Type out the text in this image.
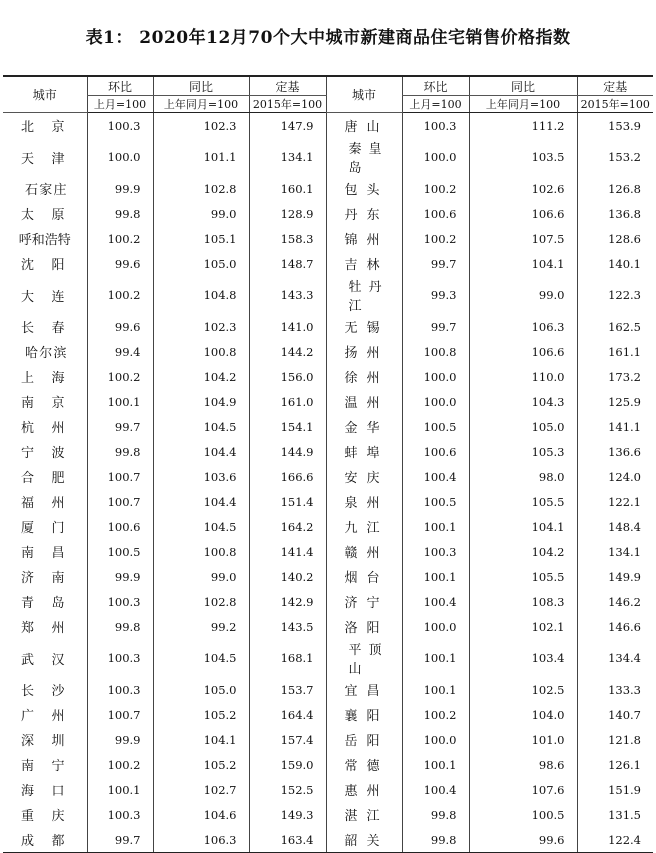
表1： 2020年12月70个大中城市新建商品住宅销售价格指数
城市	环比	同比	定基	城市	环比	同比	定基
	上月=100	上年同月=100	2015年=100		上月=100	上年同月=100	2015年=100
北京	100.3	102.3	147.9	唐山	100.3	111.2	153.9
天津	100.0	101.1	134.1	秦皇岛	100.0	103.5	153.2
石家庄	99.9	102.8	160.1	包头	100.2	102.6	126.8
太原	99.8	99.0	128.9	丹东	100.6	106.6	136.8
呼和浩特	100.2	105.1	158.3	锦州	100.2	107.5	128.6
沈阳	99.6	105.0	148.7	吉林	99.7	104.1	140.1
大连	100.2	104.8	143.3	牡丹江	99.3	99.0	122.3
长春	99.6	102.3	141.0	无锡	99.7	106.3	162.5
哈尔滨	99.4	100.8	144.2	扬州	100.8	106.6	161.1
上海	100.2	104.2	156.0	徐州	100.0	110.0	173.2
南京	100.1	104.9	161.0	温州	100.0	104.3	125.9
杭州	99.7	104.5	154.1	金华	100.5	105.0	141.1
宁波	99.8	104.4	144.9	蚌埠	100.6	105.3	136.6
合肥	100.7	103.6	166.6	安庆	100.4	98.0	124.0
福州	100.7	104.4	151.4	泉州	100.5	105.5	122.1
厦门	100.6	104.5	164.2	九江	100.1	104.1	148.4
南昌	100.5	100.8	141.4	赣州	100.3	104.2	134.1
济南	99.9	99.0	140.2	烟台	100.1	105.5	149.9
青岛	100.3	102.8	142.9	济宁	100.4	108.3	146.2
郑州	99.8	99.2	143.5	洛阳	100.0	102.1	146.6
武汉	100.3	104.5	168.1	平顶山	100.1	103.4	134.4
长沙	100.3	105.0	153.7	宜昌	100.1	102.5	133.3
广州	100.7	105.2	164.4	襄阳	100.2	104.0	140.7
深圳	99.9	104.1	157.4	岳阳	100.0	101.0	121.8
南宁	100.2	105.2	159.0	常德	100.1	98.6	126.1
海口	100.1	102.7	152.5	惠州	100.4	107.6	151.9
重庆	100.3	104.6	149.3	湛江	99.8	100.5	131.5
成都	99.7	106.3	163.4	韶关	99.8	99.6	122.4
